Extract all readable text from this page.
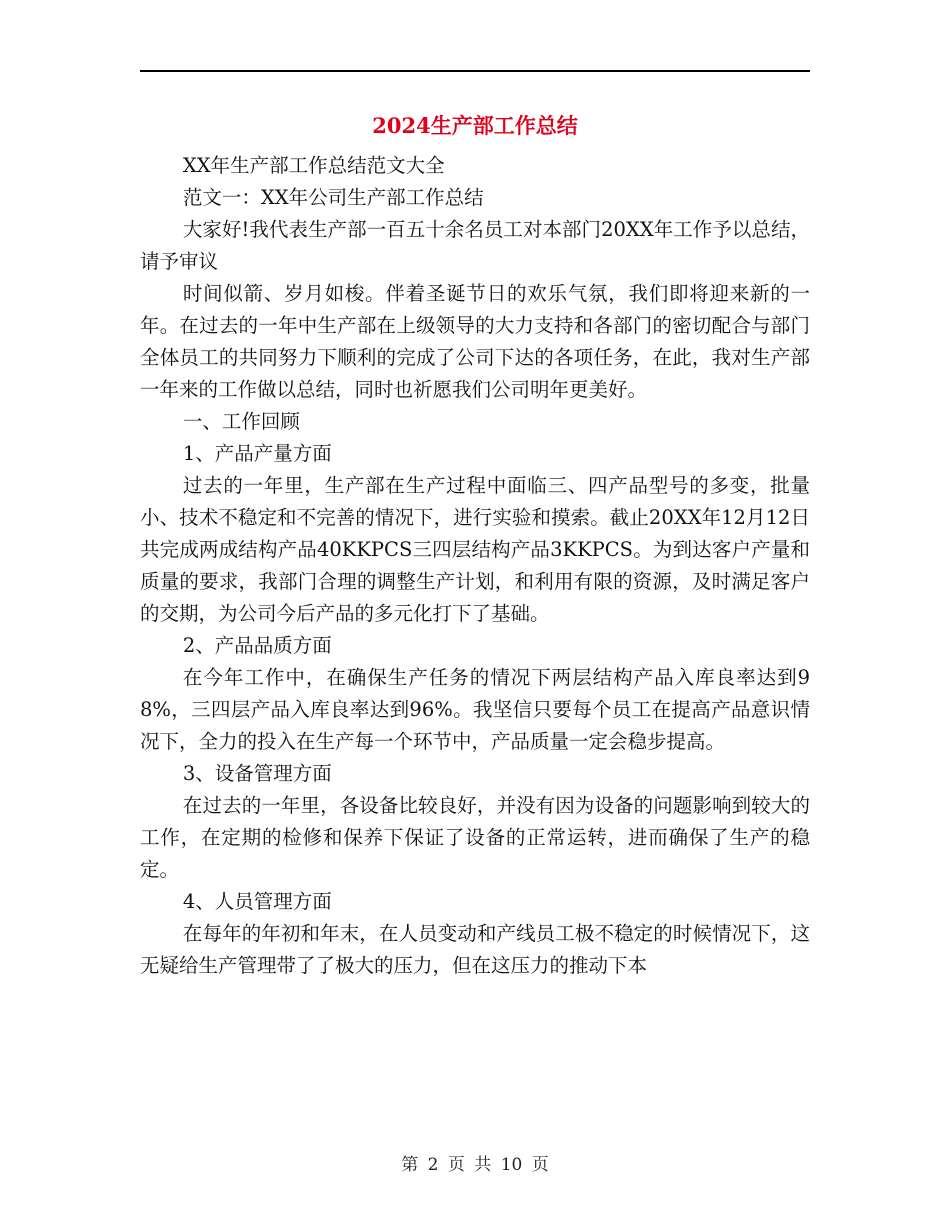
2024生产部工作总结

XX年生产部工作总结范文大全

范文一：XX年公司生产部工作总结

大家好!我代表生产部一百五十余名员工对本部门20XX年工作予以总结，请予审议

时间似箭、岁月如梭。伴着圣诞节日的欢乐气氛，我们即将迎来新的一年。在过去的一年中生产部在上级领导的大力支持和各部门的密切配合与部门全体员工的共同努力下顺利的完成了公司下达的各项任务，在此，我对生产部一年来的工作做以总结，同时也祈愿我们公司明年更美好。

一、工作回顾

1、产品产量方面

过去的一年里，生产部在生产过程中面临三、四产品型号的多变，批量小、技术不稳定和不完善的情况下，进行实验和摸索。截止20XX年12月12日共完成两成结构产品40KKPCS三四层结构产品3KKPCS。为到达客户产量和质量的要求，我部门合理的调整生产计划，和利用有限的资源，及时满足客户的交期，为公司今后产品的多元化打下了基础。

2、产品品质方面

在今年工作中，在确保生产任务的情况下两层结构产品入库良率达到98%，三四层产品入库良率达到96%。我坚信只要每个员工在提高产品意识情况下，全力的投入在生产每一个环节中，产品质量一定会稳步提高。

3、设备管理方面

在过去的一年里，各设备比较良好，并没有因为设备的问题影响到较大的工作，在定期的检修和保养下保证了设备的正常运转，进而确保了生产的稳定。

4、人员管理方面

在每年的年初和年末，在人员变动和产线员工极不稳定的时候情况下，这无疑给生产管理带了了极大的压力，但在这压力的推动下本

第 2 页 共 10 页
